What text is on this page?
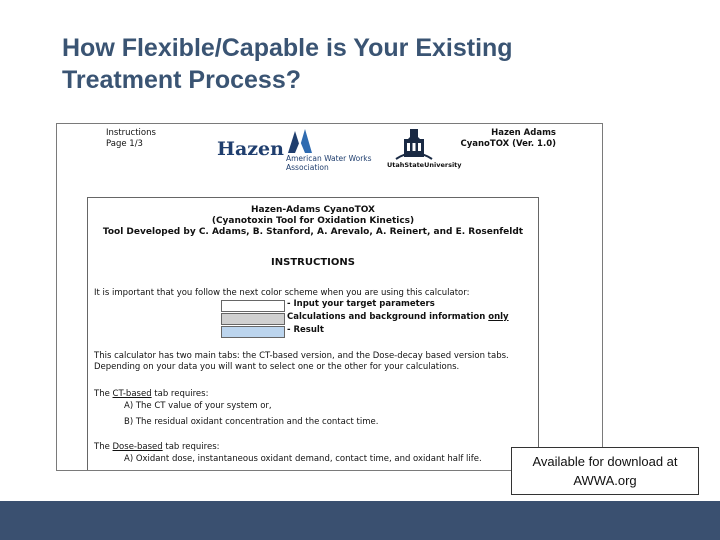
How Flexible/Capable is Your Existing
Treatment Process?
Instructions
Page 1/3	Hazen American Water Works
Association	UtahStateUniversity
Hazen Adams
CyanoTOX (Ver. 1.0)
Hazen-Adams CyanoTOX
(Cyanotoxin Tool for Oxidation Kinetics)
Tool Developed by C. Adams, B. Stanford, A. Arevalo, A. Reinert, and E. Rosenfeldt
INSTRUCTIONS
It is important that you follow the next color scheme when you are using this calculator:
- Input your target parameters
Calculations and background information only
- Result
This calculator has two main tabs: the CT-based version, and the Dose-decay based version tabs.
Depending on your data you will want to select one or the other for your calculations.
The CT-based tab requires:
A) The CT value of your system or,
B) The residual oxidant concentration and the contact time.
The Dose-based tab requires:
A) Oxidant dose, instantaneous oxidant demand, contact time, and oxidant half life.	Available for download at
AWWA.org
